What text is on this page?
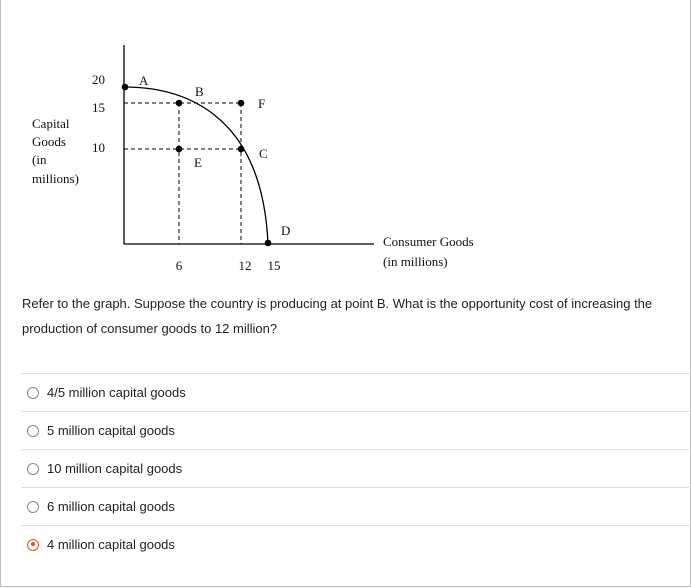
A
B
F
C
E
D
20
15
10
6	12 15
Capital
Goods
(in
millions)
Consumer Goods
(in millions)
Refer to the graph. Suppose the country is producing at point B. What is the opportunity cost of increasing the production of consumer goods to 12 million?
4/5 million capital goods
5 million capital goods
10 million capital goods
6 million capital goods
4 million capital goods
